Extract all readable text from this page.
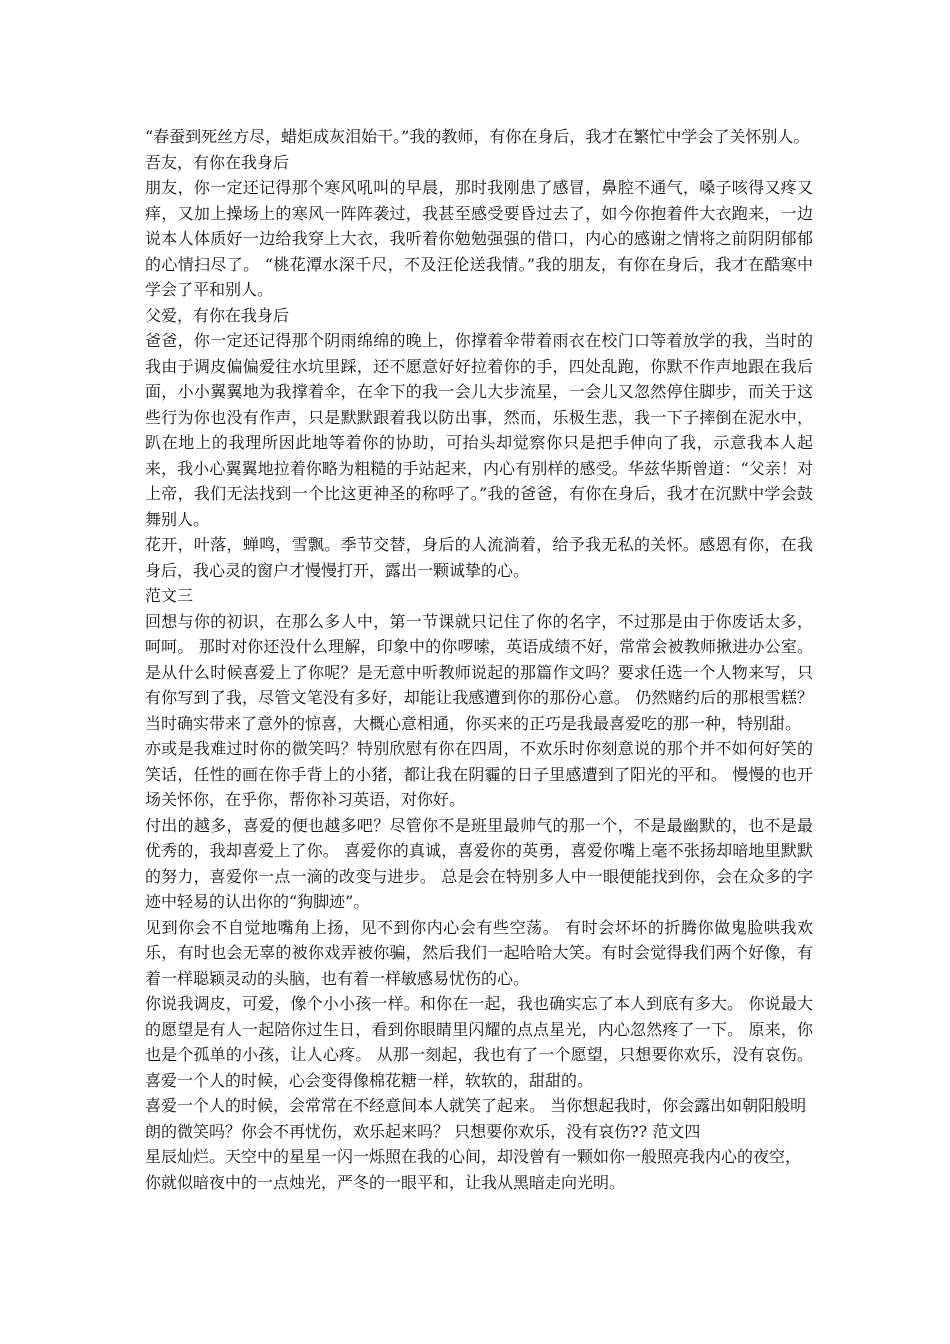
“春蚕到死丝方尽，蜡炬成灰泪始干。”我的教师，有你在身后，我才在繁忙中学会了关怀别人。

吾友，有你在我身后

朋友，你一定还记得那个寒风吼叫的早晨，那时我刚患了感冒，鼻腔不通气，嗓子咳得又疼又痒，又加上操场上的寒风一阵阵袭过，我甚至感受要昏过去了，如今你抱着件大衣跑来，一边说本人体质好一边给我穿上大衣，我听着你勉勉强强的借口，内心的感谢之情将之前阴阴郁郁的心情扫尽了。 “桃花潭水深千尺，不及汪伦送我情。”我的朋友，有你在身后，我才在酷寒中学会了平和别人。

父爱，有你在我身后

爸爸，你一定还记得那个阴雨绵绵的晚上，你撑着伞带着雨衣在校门口等着放学的我，当时的我由于调皮偏偏爱往水坑里踩，还不愿意好好拉着你的手，四处乱跑，你默不作声地跟在我后面，小小翼翼地为我撑着伞，在伞下的我一会儿大步流星，一会儿又忽然停住脚步，而关于这些行为你也没有作声，只是默默跟着我以防出事，然而，乐极生悲，我一下子摔倒在泥水中，趴在地上的我理所因此地等着你的协助，可抬头却觉察你只是把手伸向了我，示意我本人起来，我小心翼翼地拉着你略为粗糙的手站起来，内心有别样的感受。华兹华斯曾道：“父亲！对上帝，我们无法找到一个比这更神圣的称呼了。”我的爸爸，有你在身后，我才在沉默中学会鼓舞别人。

花开，叶落，蝉鸣，雪飘。季节交替，身后的人流淌着，给予我无私的关怀。感恩有你，在我身后，我心灵的窗户才慢慢打开，露出一颗诚挚的心。

范文三

回想与你的初识，在那么多人中，第一节课就只记住了你的名字，不过那是由于你废话太多，呵呵。 那时对你还没什么理解，印象中的你啰嗦，英语成绩不好，常常会被教师揪进办公室。 是从什么时候喜爱上了你呢？是无意中听教师说起的那篇作文吗？要求任选一个人物来写，只有你写到了我，尽管文笔没有多好，却能让我感遭到你的那份心意。 仍然赌约后的那根雪糕？当时确实带来了意外的惊喜，大概心意相通，你买来的正巧是我最喜爱吃的那一种，特别甜。

亦或是我难过时你的微笑吗？特别欣慰有你在四周，不欢乐时你刻意说的那个并不如何好笑的笑话，任性的画在你手背上的小猪，都让我在阴霾的日子里感遭到了阳光的平和。 慢慢的也开场关怀你，在乎你，帮你补习英语，对你好。

付出的越多，喜爱的便也越多吧？尽管你不是班里最帅气的那一个，不是最幽默的，也不是最优秀的，我却喜爱上了你。 喜爱你的真诚，喜爱你的英勇，喜爱你嘴上毫不张扬却暗地里默默的努力，喜爱你一点一滴的改变与进步。 总是会在特别多人中一眼便能找到你，会在众多的字迹中轻易的认出你的“狗脚迹”。

见到你会不自觉地嘴角上扬，见不到你内心会有些空荡。 有时会坏坏的折腾你做鬼脸哄我欢乐，有时也会无辜的被你戏弄被你骗，然后我们一起哈哈大笑。有时会觉得我们两个好像，有着一样聪颖灵动的头脑，也有着一样敏感易忧伤的心。

你说我调皮，可爱，像个小小孩一样。和你在一起，我也确实忘了本人到底有多大。 你说最大的愿望是有人一起陪你过生日，看到你眼睛里闪耀的点点星光，内心忽然疼了一下。 原来，你也是个孤单的小孩，让人心疼。 从那一刻起，我也有了一个愿望，只想要你欢乐，没有哀伤。 喜爱一个人的时候，心会变得像棉花糖一样，软软的，甜甜的。

喜爱一个人的时候，会常常在不经意间本人就笑了起来。 当你想起我时，你会露出如朝阳般明朗的微笑吗？你会不再忧伤，欢乐起来吗？ 只想要你欢乐，没有哀伤?? 范文四

星辰灿烂。天空中的星星一闪一烁照在我的心间，却没曾有一颗如你一般照亮我内心的夜空，你就似暗夜中的一点烛光，严冬的一眼平和，让我从黑暗走向光明。
